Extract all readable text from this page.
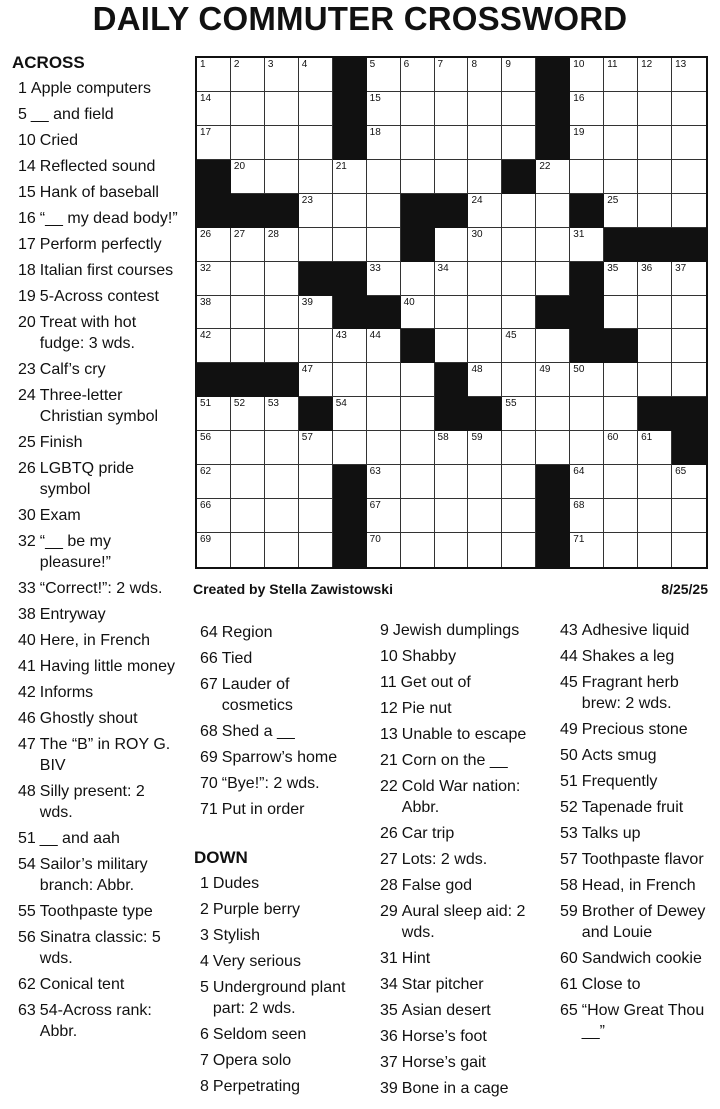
DAILY COMMUTER CROSSWORD
1	2	3	4	5	6	7	8	9	10 11 12 13
14	15	16
17	18	19
20	21	22
23	24	25
26 27 28	30	31
32	33	34	35 36 37
38	39	40
42	43 44	45
47	48	49 50
51 52 53	54	55
56	57	58 59	60 61
62	63	64	65
66	67	68
69	70	71
Created by Stella Zawistowski	8/25/25
ACROSS
1 Apple computers
5 __ and field
10 Cried
14 Reflected sound
15 Hank of baseball
16 “__ my dead body!”
17 Perform perfectly
18 Italian first courses
19 5-Across contest
20 Treat with hot fudge: 3 wds.
23 Calf’s cry
24 Three-letter Christian symbol
25 Finish
26 LGBTQ pride symbol
30 Exam
32 “__ be my pleasure!”
33 “Correct!”: 2 wds.
38 Entryway
40 Here, in French
41 Having little money
42 Informs
46 Ghostly shout
47 The “B” in ROY G. BIV
48 Silly present: 2 wds.
51 __ and aah
54 Sailor’s military branch: Abbr.
55 Toothpaste type
56 Sinatra classic: 5 wds.
62 Conical tent
63 54-Across rank: Abbr.
64 Region
66 Tied
67 Lauder of cosmetics
68 Shed a __
69 Sparrow’s home
70 “Bye!”: 2 wds.
71 Put in order
DOWN
1 Dudes
2 Purple berry
3 Stylish
4 Very serious
5 Underground plant part: 2 wds.
6 Seldom seen
7 Opera solo
8 Perpetrating
9 Jewish dumplings
10 Shabby
11 Get out of
12 Pie nut
13 Unable to escape
21 Corn on the __
22 Cold War nation: Abbr.
26 Car trip
27 Lots: 2 wds.
28 False god
29 Aural sleep aid: 2 wds.
31 Hint
34 Star pitcher
35 Asian desert
36 Horse’s foot
37 Horse’s gait
39 Bone in a cage
43 Adhesive liquid
44 Shakes a leg
45 Fragrant herb brew: 2 wds.
49 Precious stone
50 Acts smug
51 Frequently
52 Tapenade fruit
53 Talks up
57 Toothpaste flavor
58 Head, in French
59 Brother of Dewey and Louie
60 Sandwich cookie
61 Close to
65 “How Great Thou __”
